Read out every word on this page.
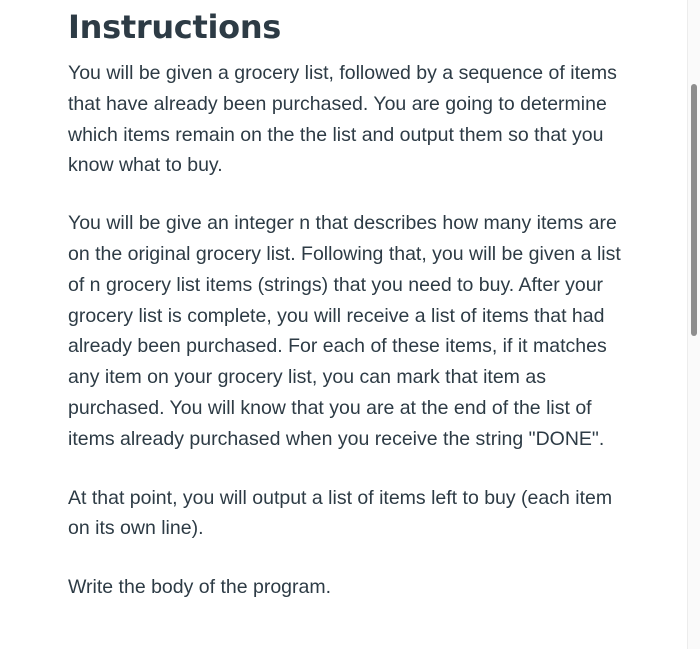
Instructions

You will be given a grocery list, followed by a sequence of items that have already been purchased. You are going to determine which items remain on the the list and output them so that you know what to buy.

You will be give an integer n that describes how many items are on the original grocery list. Following that, you will be given a list of n grocery list items (strings) that you need to buy. After your grocery list is complete, you will receive a list of items that had already been purchased. For each of these items, if it matches any item on your grocery list, you can mark that item as purchased. You will know that you are at the end of the list of items already purchased when you receive the string "DONE".

At that point, you will output a list of items left to buy (each item on its own line).

Write the body of the program.
